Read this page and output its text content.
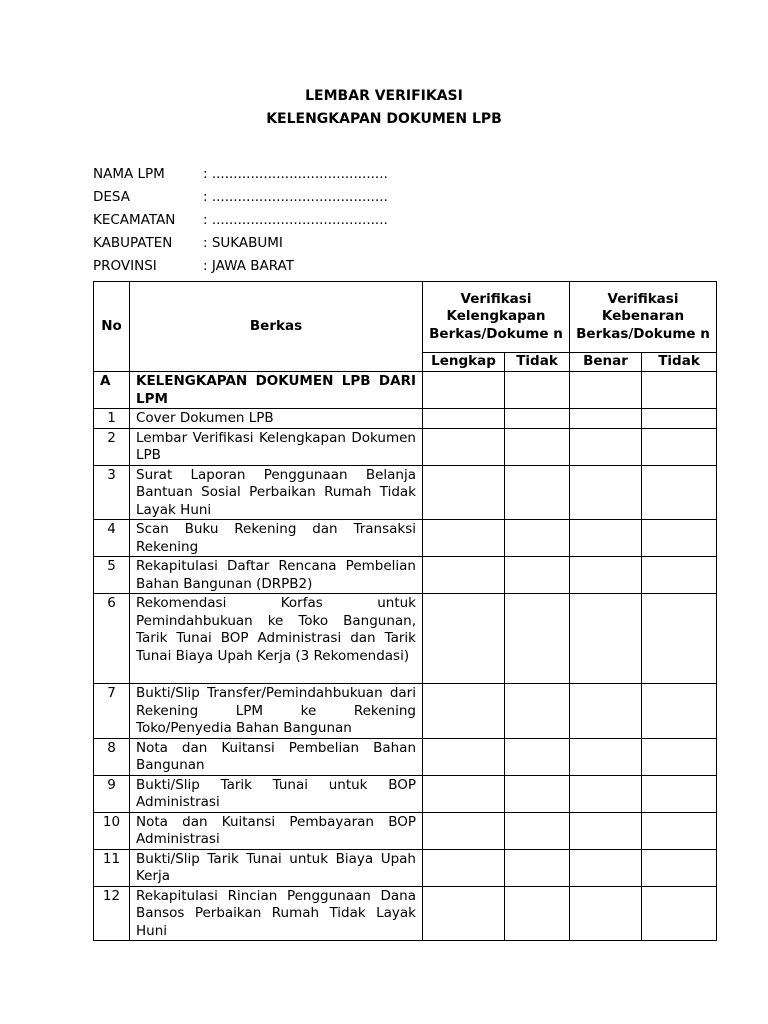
LEMBAR VERIFIKASI
KELENGKAPAN DOKUMEN LPB
NAMA LPM	: .........................................
DESA	: .........................................
KECAMATAN : .........................................
KABUPATEN : SUKABUMI
PROVINSI	: JAWA BARAT
No	Berkas	Verifikasi Kelengkapan Berkas/Dokume n		Verifikasi Kebenaran Berkas/Dokume n	
		Lengkap	Tidak	Benar	Tidak
A	KELENGKAPAN DOKUMEN LPB DARI LPM				
1	Cover Dokumen LPB				
2	Lembar Verifikasi Kelengkapan Dokumen LPB				
3	Surat Laporan Penggunaan Belanja Bantuan Sosial Perbaikan Rumah Tidak Layak Huni				
4	Scan Buku Rekening dan Transaksi Rekening				
5	Rekapitulasi Daftar Rencana Pembelian Bahan Bangunan (DRPB2)				
6	Rekomendasi Korfas untuk Pemindahbukuan ke Toko Bangunan, Tarik Tunai BOP Administrasi dan Tarik Tunai Biaya Upah Kerja (3 Rekomendasi)				
7	Bukti/Slip Transfer/Pemindahbukuan dari Rekening LPM ke Rekening Toko/Penyedia Bahan Bangunan				
8	Nota dan Kuitansi Pembelian Bahan Bangunan				
9	Bukti/Slip Tarik Tunai untuk BOP Administrasi				
10	Nota dan Kuitansi Pembayaran BOP Administrasi				
11	Bukti/Slip Tarik Tunai untuk Biaya Upah Kerja				
12	Rekapitulasi Rincian Penggunaan Dana Bansos Perbaikan Rumah Tidak Layak Huni				
